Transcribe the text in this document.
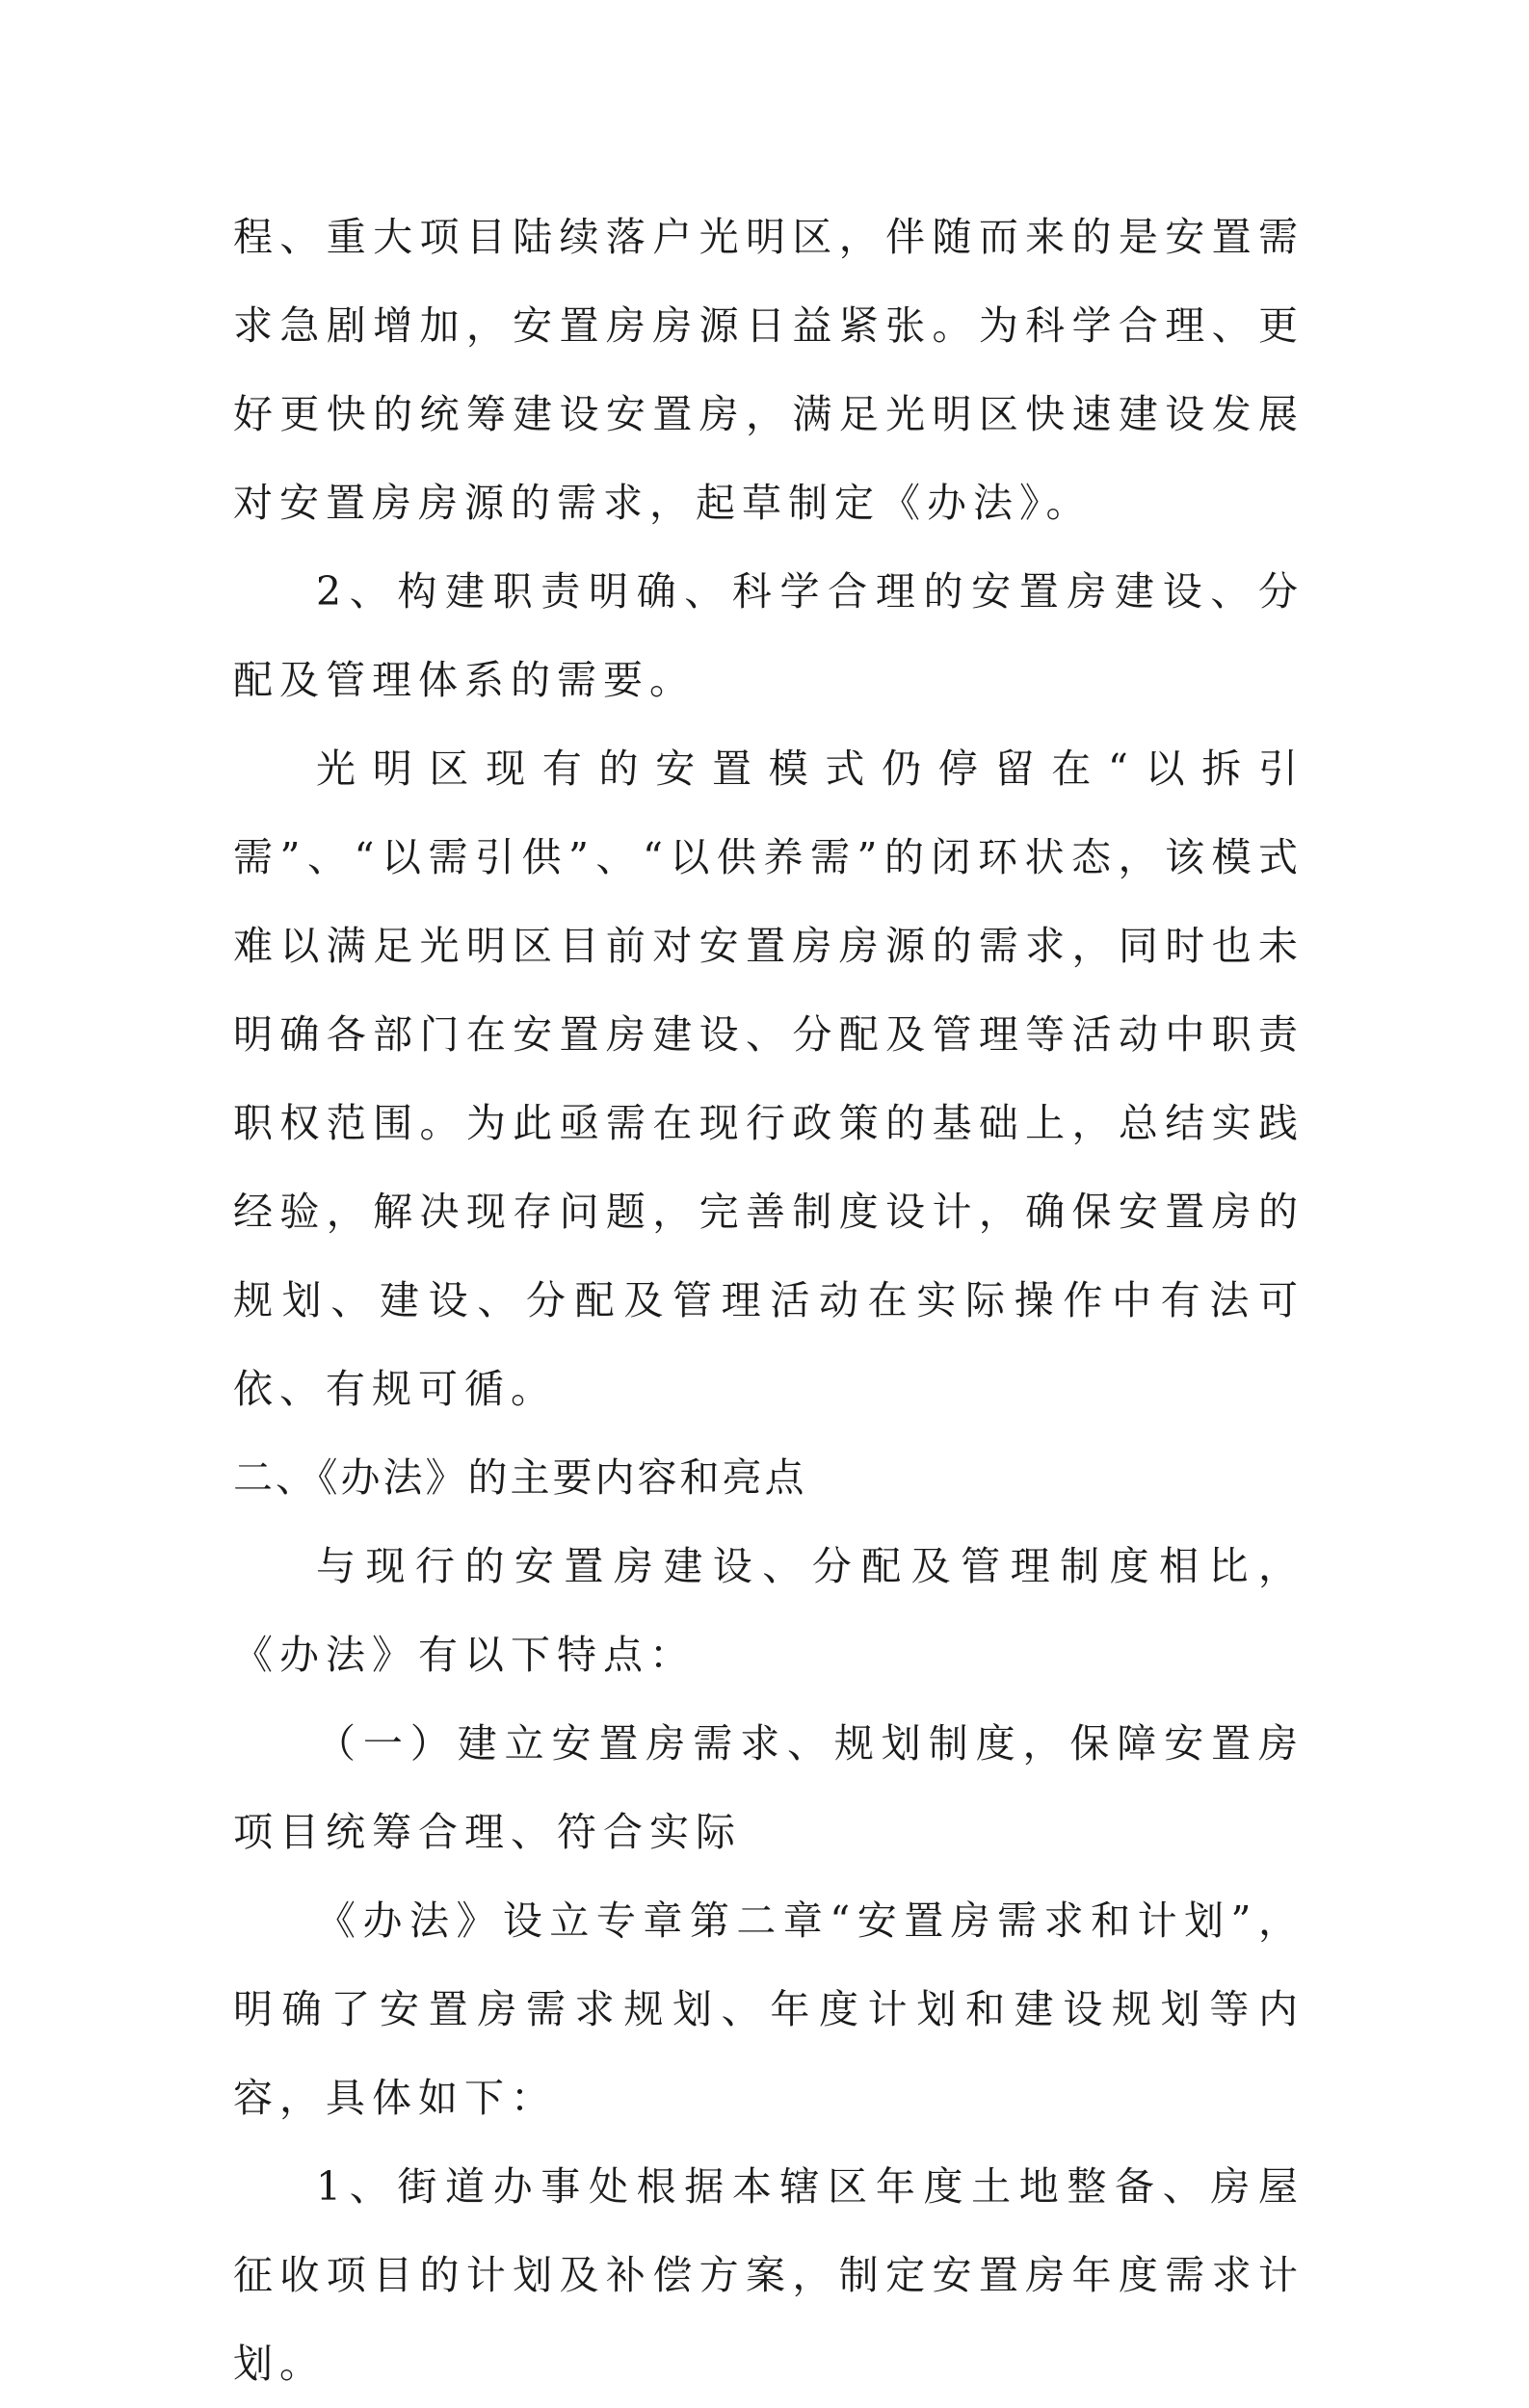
程、重大项目陆续落户光明区，伴随而来的是安置需求急剧增加，安置房房源日益紧张。为科学合理、更好更快的统筹建设安置房，满足光明区快速建设发展对安置房房源的需求，起草制定《办法》。

2、构建职责明确、科学合理的安置房建设、分配及管理体系的需要。

光明区现有的安置模式仍停留在“以拆引需”、“以需引供”、“以供养需”的闭环状态，该模式难以满足光明区目前对安置房房源的需求，同时也未明确各部门在安置房建设、分配及管理等活动中职责职权范围。为此亟需在现行政策的基础上，总结实践经验，解决现存问题，完善制度设计，确保安置房的规划、建设、分配及管理活动在实际操作中有法可依、有规可循。

二、《办法》的主要内容和亮点

与现行的安置房建设、分配及管理制度相比，《办法》有以下特点：

（一）建立安置房需求、规划制度，保障安置房项目统筹合理、符合实际

《办法》设立专章第二章“安置房需求和计划”，明确了安置房需求规划、年度计划和建设规划等内容，具体如下：

1、街道办事处根据本辖区年度土地整备、房屋征收项目的计划及补偿方案，制定安置房年度需求计划。
